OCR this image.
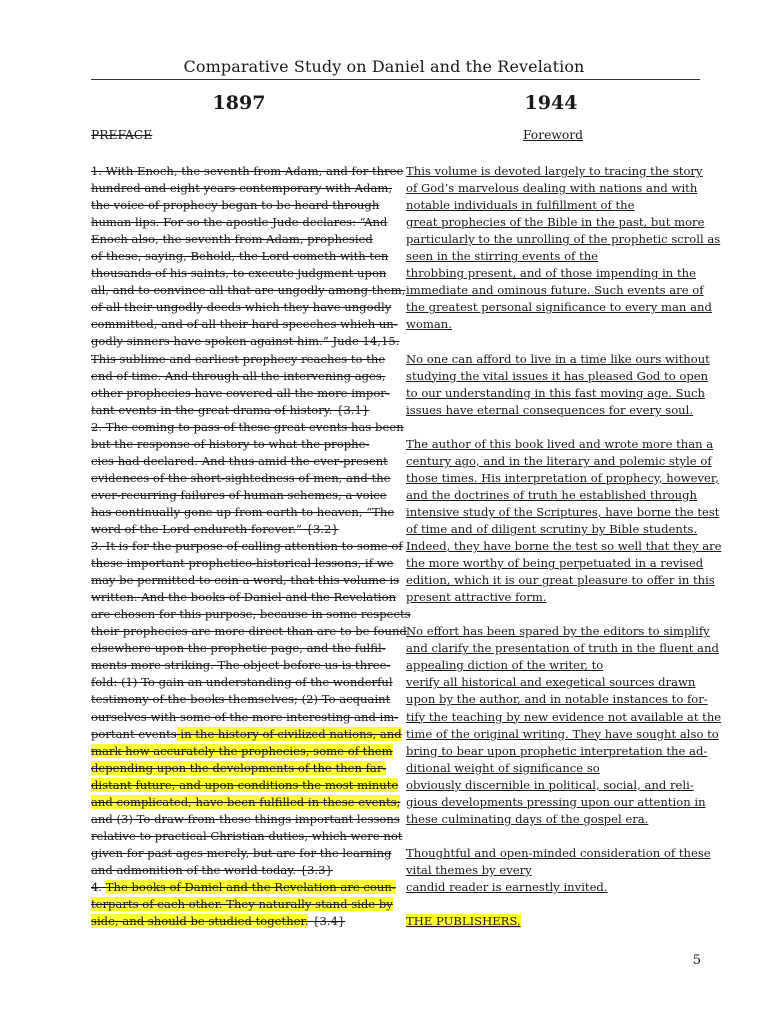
Comparative Study on Daniel and the Revelation
1897	1944
PREFACE	Foreword
1. With Enoch, the seventh from Adam, and for three
hundred and eight years contemporary with Adam,
the voice of prophecy began to be heard through
human lips. For so the apostle Jude declares: “And
Enoch also, the seventh from Adam, prophesied
of these, saying, Behold, the Lord cometh with ten
thousands of his saints, to execute judgment upon
all, and to convince all that are ungodly among them,
of all their ungodly deeds which they have ungodly
committed, and of all their hard speeches which un-
godly sinners have spoken against him.” Jude 14,15.
This sublime and earliest prophecy reaches to the
end of time. And through all the intervening ages,
other prophecies have covered all the more impor-
tant events in the great drama of history. {3.1}
2. The coming to pass of these great events has been
but the response of history to what the prophe-
cies had declared. And thus amid the ever-present
evidences of the short-sightedness of men, and the
ever-recurring failures of human schemes, a voice
has continually gone up from earth to heaven, “The
word of the Lord endureth forever.” {3.2}
3. It is for the purpose of calling attention to some of
these important prophetico-historical lessons, if we
may be permitted to coin a word, that this volume is
written. And the books of Daniel and the Revelation
are chosen for this purpose, because in some respects
their prophecies are more direct than are to be found
elsewhere upon the prophetic page, and the fulfil-
ments more striking. The object before us is three-
fold: (1) To gain an understanding of the wonderful
testimony of the books themselves; (2) To acquaint
ourselves with some of the more interesting and im-
portant events in the history of civilized nations, and
mark how accurately the prophecies, some of them
depending upon the developments of the then far-
distant future, and upon conditions the most minute
and complicated, have been fulfilled in these events;
and (3) To draw from these things important lessons
relative to practical Christian duties, which were not
given for past ages merely, but are for the learning
and admonition of the world today. {3.3}
4. The books of Daniel and the Revelation are coun-
terparts of each other. They naturally stand side by
side, and should be studied together. {3.4}
This volume is devoted largely to tracing the story
of God’s marvelous dealing with nations and with
notable individuals in fulfillment of the
great prophecies of the Bible in the past, but more
particularly to the unrolling of the prophetic scroll as
seen in the stirring events of the
throbbing present, and of those impending in the
immediate and ominous future. Such events are of
the greatest personal significance to every man and
woman.
No one can afford to live in a time like ours without
studying the vital issues it has pleased God to open
to our understanding in this fast moving age. Such
issues have eternal consequences for every soul.
The author of this book lived and wrote more than a
century ago, and in the literary and polemic style of
those times. His interpretation of prophecy, however,
and the doctrines of truth he established through
intensive study of the Scriptures, have borne the test
of time and of diligent scrutiny by Bible students.
Indeed, they have borne the test so well that they are
the more worthy of being perpetuated in a revised
edition, which it is our great pleasure to offer in this
present attractive form.
No effort has been spared by the editors to simplify
and clarify the presentation of truth in the fluent and
appealing diction of the writer, to
verify all historical and exegetical sources drawn
upon by the author, and in notable instances to for-
tify the teaching by new evidence not available at the
time of the original writing. They have sought also to
bring to bear upon prophetic interpretation the ad-
ditional weight of significance so
obviously discernible in political, social, and reli-
gious developments pressing upon our attention in
these culminating days of the gospel era.
Thoughtful and open-minded consideration of these
vital themes by every
candid reader is earnestly invited.
THE PUBLISHERS.
5
